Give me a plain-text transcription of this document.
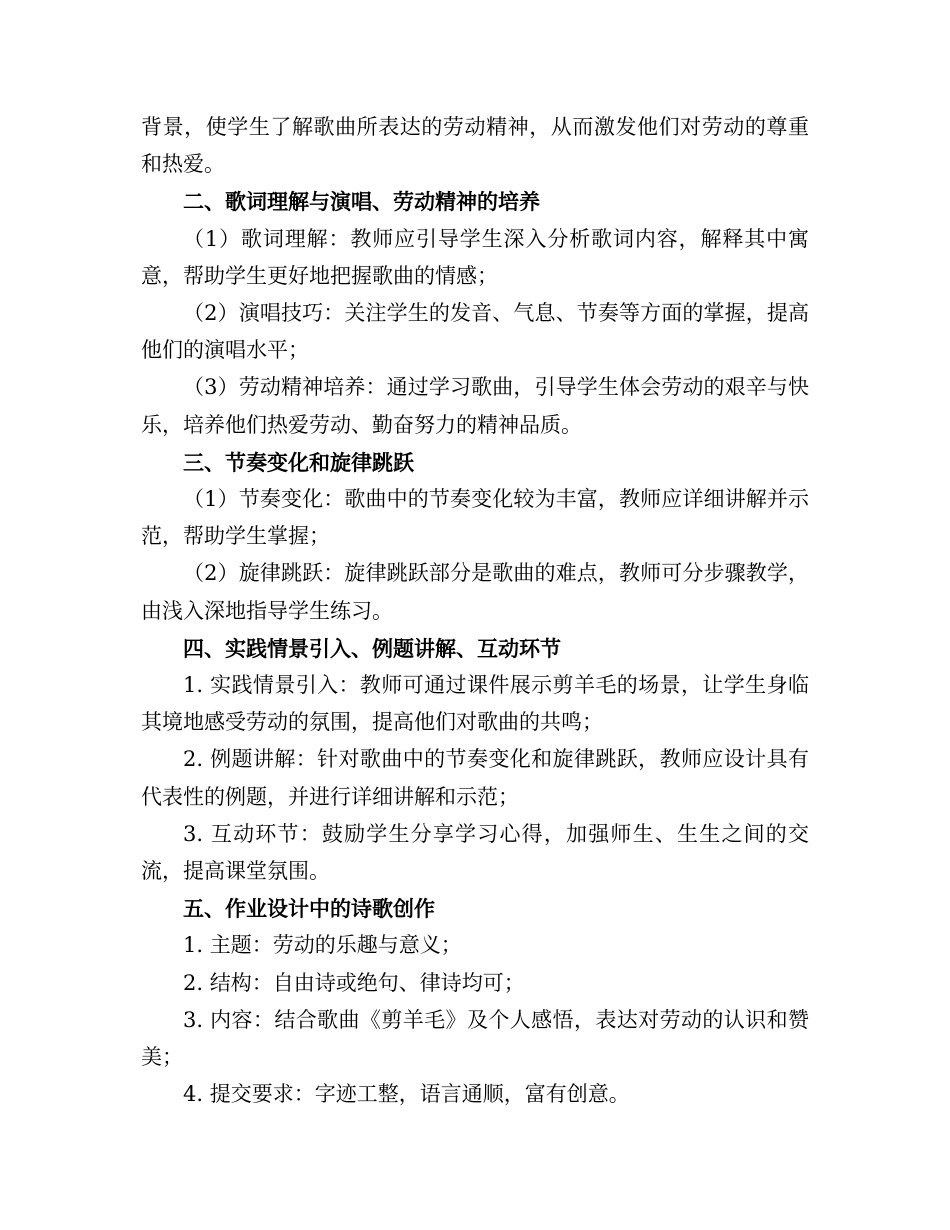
背景，使学生了解歌曲所表达的劳动精神，从而激发他们对劳动的尊重和热爱。

二、歌词理解与演唱、劳动精神的培养

（1）歌词理解：教师应引导学生深入分析歌词内容，解释其中寓意，帮助学生更好地把握歌曲的情感；

（2）演唱技巧：关注学生的发音、气息、节奏等方面的掌握，提高他们的演唱水平；

（3）劳动精神培养：通过学习歌曲，引导学生体会劳动的艰辛与快乐，培养他们热爱劳动、勤奋努力的精神品质。

三、节奏变化和旋律跳跃

（1）节奏变化：歌曲中的节奏变化较为丰富，教师应详细讲解并示范，帮助学生掌握；

（2）旋律跳跃：旋律跳跃部分是歌曲的难点，教师可分步骤教学，由浅入深地指导学生练习。

四、实践情景引入、例题讲解、互动环节

1. 实践情景引入：教师可通过课件展示剪羊毛的场景，让学生身临其境地感受劳动的氛围，提高他们对歌曲的共鸣；

2. 例题讲解：针对歌曲中的节奏变化和旋律跳跃，教师应设计具有代表性的例题，并进行详细讲解和示范；

3. 互动环节：鼓励学生分享学习心得，加强师生、生生之间的交流，提高课堂氛围。

五、作业设计中的诗歌创作

1. 主题：劳动的乐趣与意义；

2. 结构：自由诗或绝句、律诗均可；

3. 内容：结合歌曲《剪羊毛》及个人感悟，表达对劳动的认识和赞美；

4. 提交要求：字迹工整，语言通顺，富有创意。
